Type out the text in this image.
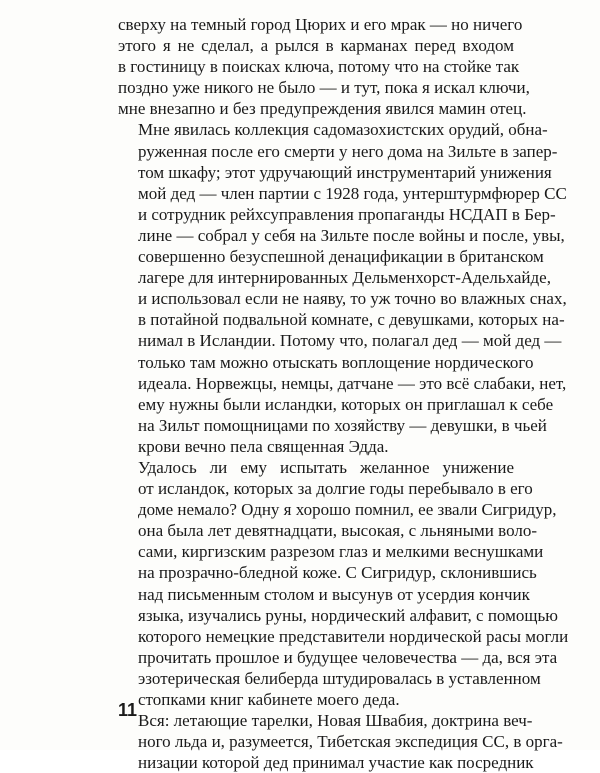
сверху на темный город Цюрих и его мрак — но ничего
этого я не сделал, а рылся в карманах перед входом
в гостиницу в поисках ключа, потому что на стойке так
поздно уже никого не было — и тут, пока я искал ключи,
мне внезапно и без предупреждения явился мамин отец.

Мне явилась коллекция садомазохистских орудий, обна-
руженная после его смерти у него дома на Зильте в запер-
том шкафу; этот удручающий инструментарий унижения
мой дед — член партии с 1928 года, унтерштурмфюрер СС
и сотрудник рейхсуправления пропаганды НСДАП в Бер-
лине — собрал у себя на Зильте после войны и после, увы,
совершенно безуспешной денацификации в британском
лагере для интернированных Дельменхорст-Адельхайде,
и использовал если не наяву, то уж точно во влажных снах,
в потайной подвальной комнате, с девушками, которых на-
нимал в Исландии. Потому что, полагал дед — мой дед —
только там можно отыскать воплощение нордического
идеала. Норвежцы, немцы, датчане — это всё слабаки, нет,
ему нужны были исландки, которых он приглашал к себе
на Зильт помощницами по хозяйству — девушки, в чьей
крови вечно пела священная Эдда.

Удалось ли ему испытать желанное унижение
от исландок, которых за долгие годы перебывало в его
доме немало? Одну я хорошо помнил, ее звали Сигридур,
она была лет девятнадцати, высокая, с льняными воло-
сами, киргизским разрезом глаз и мелкими веснушками
на прозрачно-бледной коже. С Сигридур, склонившись
над письменным столом и высунув от усердия кончик
языка, изучались руны, нордический алфавит, с помощью
которого немецкие представители нордической расы могли
прочитать прошлое и будущее человечества — да, вся эта
эзотерическая белиберда штудировалась в уставленном
стопками книг кабинете моего деда.

Вся: летающие тарелки, Новая Швабия, доктрина веч-
ного льда и, разумеется, Тибетская экспедиция СС, в орга-
низации которой дед принимал участие как посредник

11
